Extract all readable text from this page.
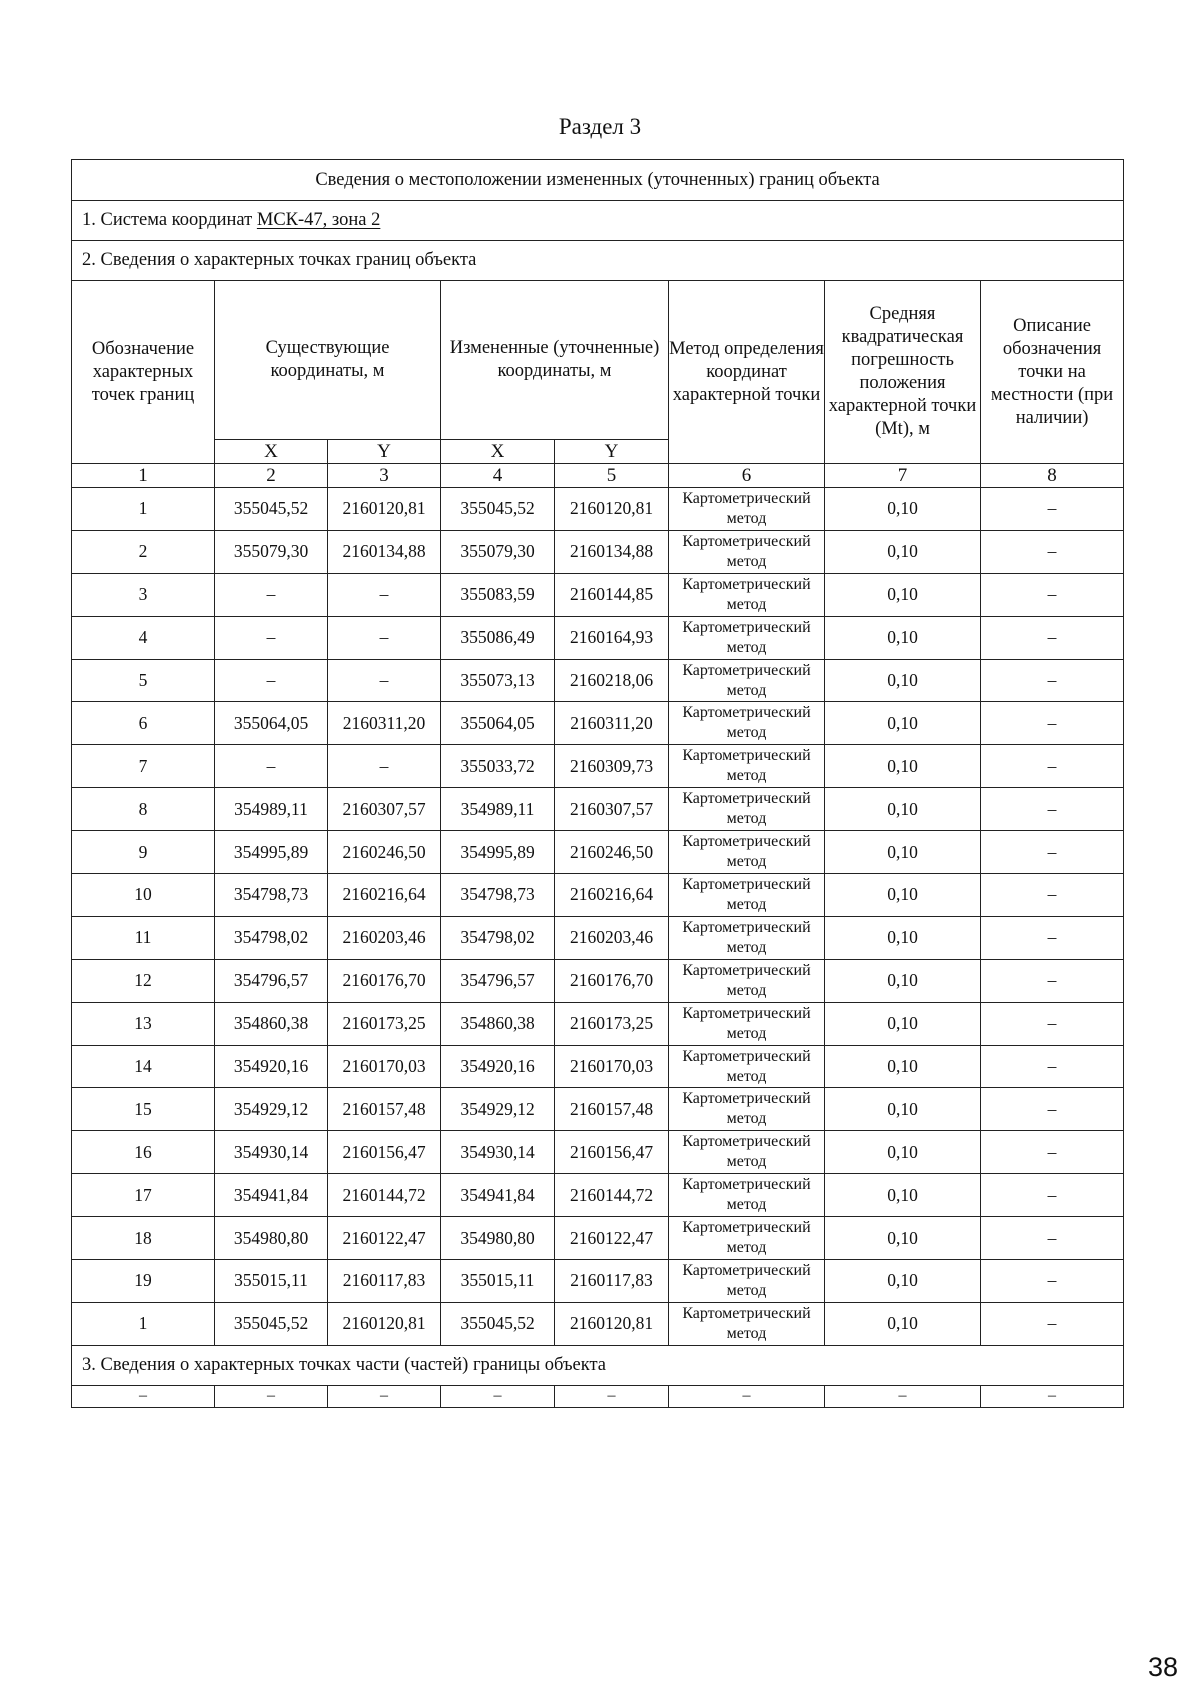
Раздел 3
Сведения о местоположении измененных (уточненных) границ объекта							
1. Система координат МСК-47, зона 2							
2. Сведения о характерных точках границ объекта							
Обозначение характерных точек границ	Существующие координаты, м		Измененные (уточненные) координаты, м		Метод определения координат характерной точки	Средняя квадратическая погрешность положения характерной точки (Mt), м	Описание обозначения точки на местности (при наличии)
	X	Y	X	Y			
1	2	3	4	5	6	7	8
1	355045,52	2160120,81	355045,52	2160120,81	Картометрический метод	0,10	–
2	355079,30	2160134,88	355079,30	2160134,88	Картометрический метод	0,10	–
3	–	–	355083,59	2160144,85	Картометрический метод	0,10	–
4	–	–	355086,49	2160164,93	Картометрический метод	0,10	–
5	–	–	355073,13	2160218,06	Картометрический метод	0,10	–
6	355064,05	2160311,20	355064,05	2160311,20	Картометрический метод	0,10	–
7	–	–	355033,72	2160309,73	Картометрический метод	0,10	–
8	354989,11	2160307,57	354989,11	2160307,57	Картометрический метод	0,10	–
9	354995,89	2160246,50	354995,89	2160246,50	Картометрический метод	0,10	–
10	354798,73	2160216,64	354798,73	2160216,64	Картометрический метод	0,10	–
11	354798,02	2160203,46	354798,02	2160203,46	Картометрический метод	0,10	–
12	354796,57	2160176,70	354796,57	2160176,70	Картометрический метод	0,10	–
13	354860,38	2160173,25	354860,38	2160173,25	Картометрический метод	0,10	–
14	354920,16	2160170,03	354920,16	2160170,03	Картометрический метод	0,10	–
15	354929,12	2160157,48	354929,12	2160157,48	Картометрический метод	0,10	–
16	354930,14	2160156,47	354930,14	2160156,47	Картометрический метод	0,10	–
17	354941,84	2160144,72	354941,84	2160144,72	Картометрический метод	0,10	–
18	354980,80	2160122,47	354980,80	2160122,47	Картометрический метод	0,10	–
19	355015,11	2160117,83	355015,11	2160117,83	Картометрический метод	0,10	–
1	355045,52	2160120,81	355045,52	2160120,81	Картометрический метод	0,10	–
3. Сведения о характерных точках части (частей) границы объекта							
–	–	–	–	–	–	–	–
38
